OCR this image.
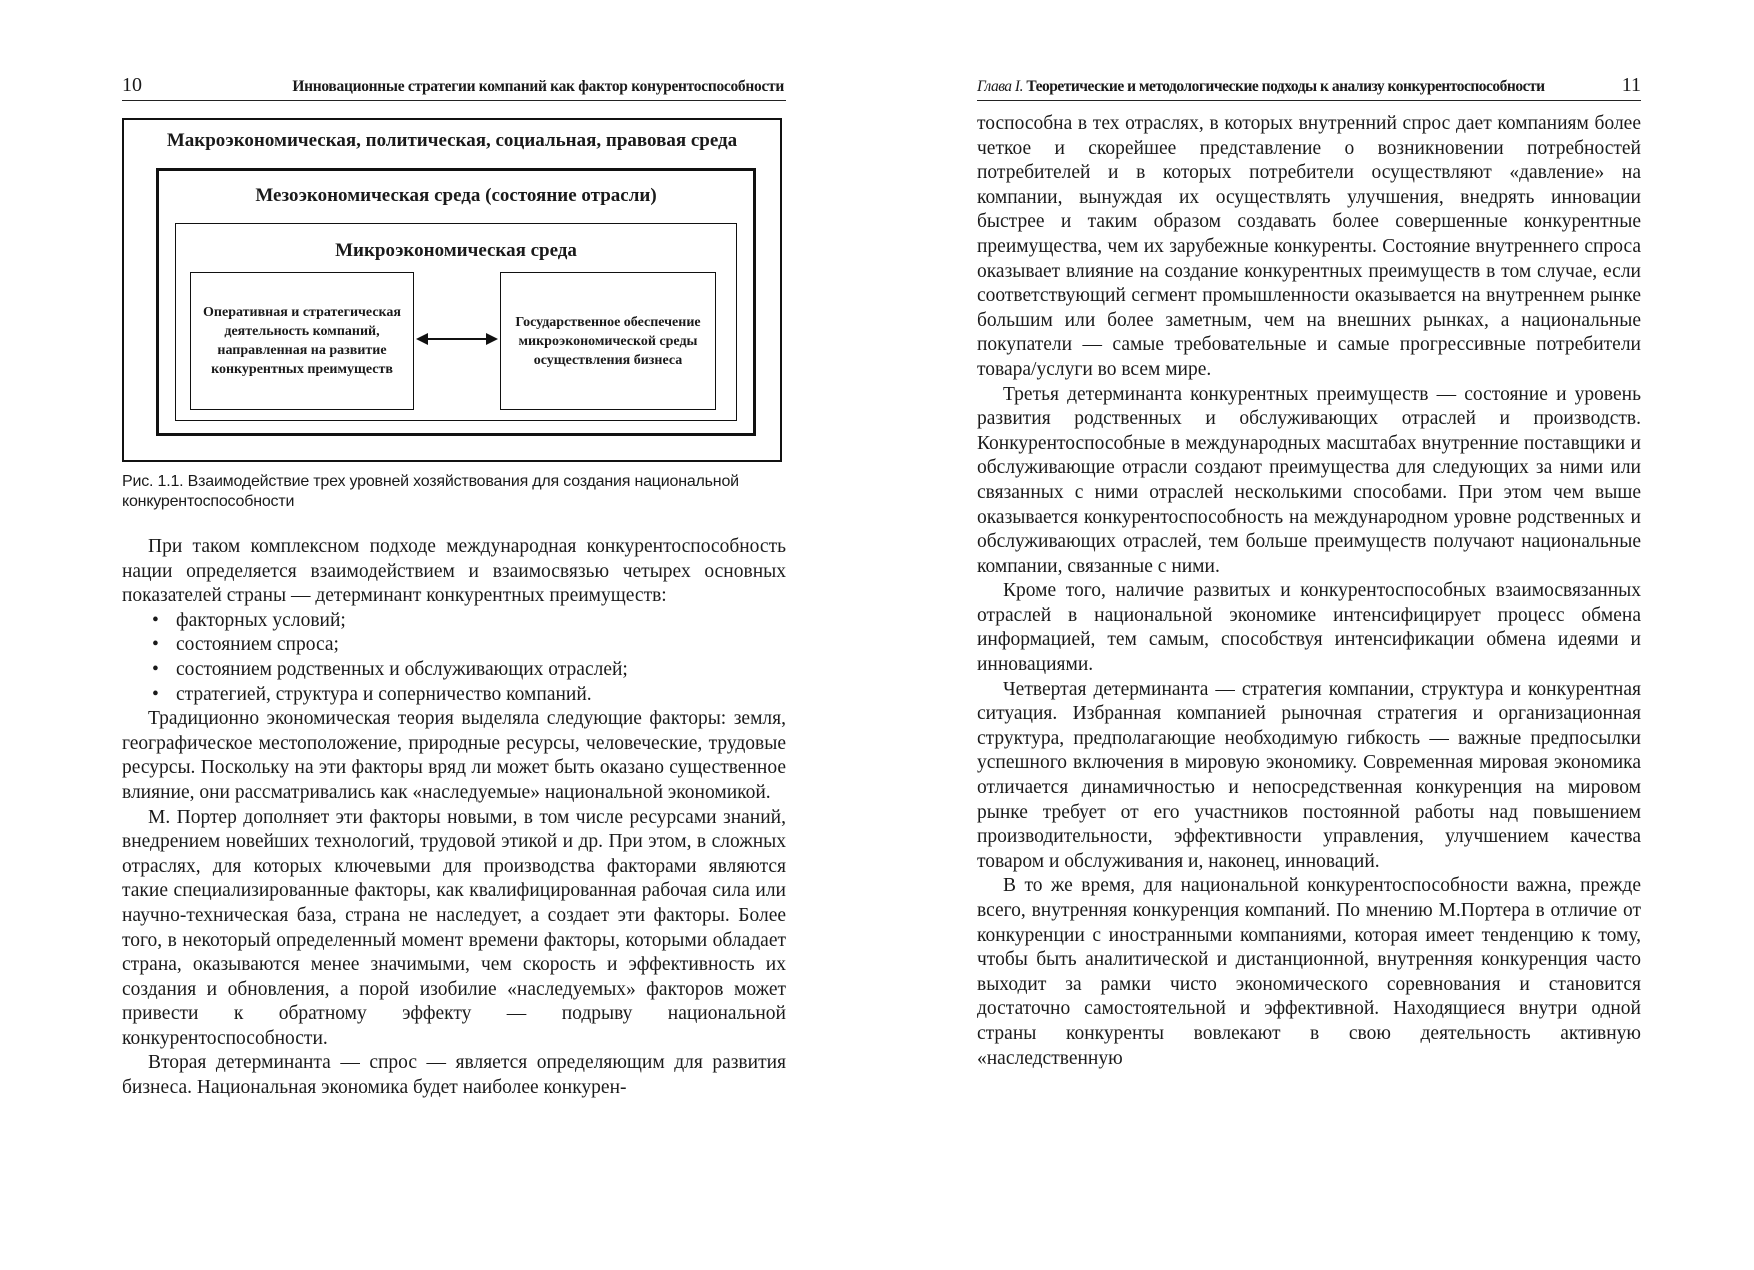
10	Инновационные стратегии компаний как фактор конурентоспособности
Макроэкономическая, политическая, социальная, правовая среда
Мезоэкономическая среда (состояние отрасли)
Микроэкономическая среда
Оперативная и стратегическая деятельность компаний, направленная на развитие конкурентных преимуществ
Государственное обеспечение микроэкономической среды осуществления бизнеса
Рис. 1.1. Взаимодействие трех уровней хозяйствования для создания национальной конкурентоспособности

При таком комплексном подходе международная конкурентоспособность нации определяется взаимодействием и взаимосвязью четырех основных показателей страны — детерминант конкурентных преимуществ:

• факторных условий;
• состоянием спроса;
• состоянием родственных и обслуживающих отраслей;
• стратегией, структура и соперничество компаний.

Традиционно экономическая теория выделяла следующие факторы: земля, географическое местоположение, природные ресурсы, человеческие, трудовые ресурсы. Поскольку на эти факторы вряд ли может быть оказано существенное влияние, они рассматривались как «наследуемые» национальной экономикой.

М. Портер дополняет эти факторы новыми, в том числе ресурсами знаний, внедрением новейших технологий, трудовой этикой и др. При этом, в сложных отраслях, для которых ключевыми для производства факторами являются такие специализированные факторы, как квалифицированная рабочая сила или научно-техническая база, страна не наследует, а создает эти факторы. Более того, в некоторый определенный момент времени факторы, которыми обладает страна, оказываются менее значимыми, чем скорость и эффективность их создания и обновления, а порой изобилие «наследуемых» факторов может привести к обратному эффекту — подрыву национальной конкурентоспособности.

Вторая детерминанта — спрос — является определяющим для развития бизнеса. Национальная экономика будет наиболее конкурен-

Глава I. Теоретические и методологические подходы к анализу конкурентоспособности	11

тоспособна в тех отраслях, в которых внутренний спрос дает компаниям более четкое и скорейшее представление о возникновении потребностей потребителей и в которых потребители осуществляют «давление» на компании, вынуждая их осуществлять улучшения, внедрять инновации быстрее и таким образом создавать более совершенные конкурентные преимущества, чем их зарубежные конкуренты. Состояние внутреннего спроса оказывает влияние на создание конкурентных преимуществ в том случае, если соответствующий сегмент промышленности оказывается на внутреннем рынке большим или более заметным, чем на внешних рынках, а национальные покупатели — самые требовательные и самые прогрессивные потребители товара/услуги во всем мире.

Третья детерминанта конкурентных преимуществ — состояние и уровень развития родственных и обслуживающих отраслей и производств. Конкурентоспособные в международных масштабах внутренние поставщики и обслуживающие отрасли создают преимущества для следующих за ними или связанных с ними отраслей несколькими способами. При этом чем выше оказывается конкурентоспособность на международном уровне родственных и обслуживающих отраслей, тем больше преимуществ получают национальные компании, связанные с ними.

Кроме того, наличие развитых и конкурентоспособных взаимосвязанных отраслей в национальной экономике интенсифицирует процесс обмена информацией, тем самым, способствуя интенсификации обмена идеями и инновациями.

Четвертая детерминанта — стратегия компании, структура и конкурентная ситуация. Избранная компанией рыночная стратегия и организационная структура, предполагающие необходимую гибкость — важные предпосылки успешного включения в мировую экономику. Современная мировая экономика отличается динамичностью и непосредственная конкуренция на мировом рынке требует от его участников постоянной работы над повышением производительности, эффективности управления, улучшением качества товаром и обслуживания и, наконец, инноваций.

В то же время, для национальной конкурентоспособности важна, прежде всего, внутренняя конкуренция компаний. По мнению М.Портера в отличие от конкуренции с иностранными компаниями, которая имеет тенденцию к тому, чтобы быть аналитической и дистанционной, внутренняя конкуренция часто выходит за рамки чисто экономического соревнования и становится достаточно самостоятельной и эффективной. Находящиеся внутри одной страны конкуренты вовлекают в свою деятельность активную «наследственную
